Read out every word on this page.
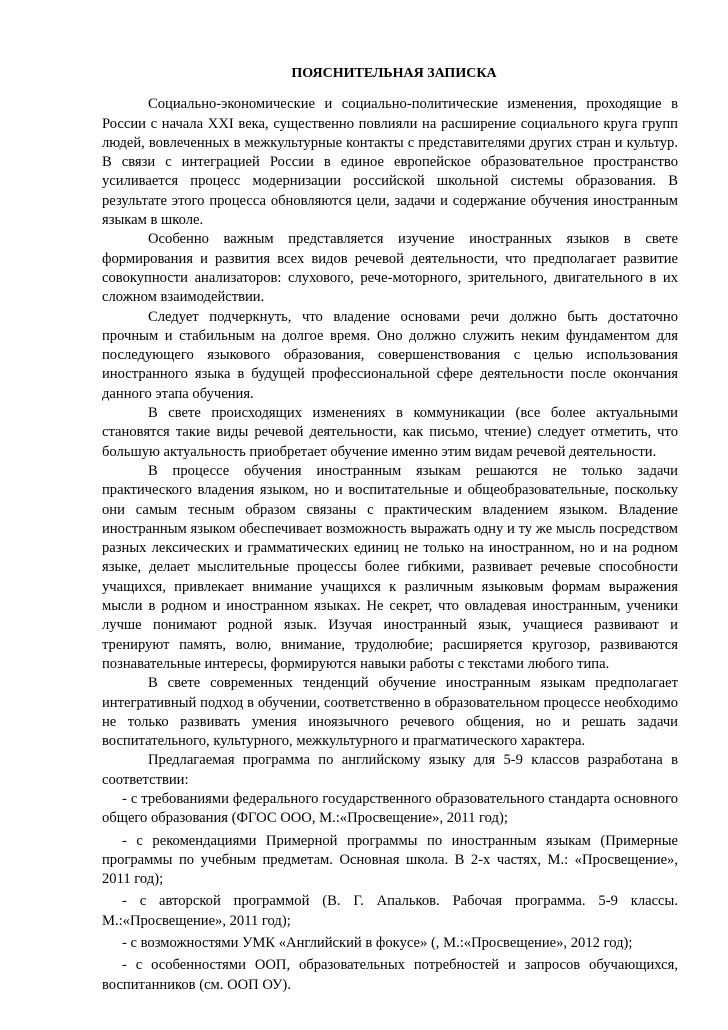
ПОЯСНИТЕЛЬНАЯ ЗАПИСКА

Социально-экономические и социально-политические изменения, проходящие в России с начала XXI века, существенно повлияли на расширение социального круга групп людей, вовлеченных в межкультурные контакты с представителями других стран и культур. В связи с интеграцией России в единое европейское образовательное пространство усиливается процесс модернизации российской школьной системы образования. В результате этого процесса обновляются цели, задачи и содержание обучения иностранным языкам в школе.

Особенно важным представляется изучение иностранных языков в свете формирования и развития всех видов речевой деятельности, что предполагает развитие совокупности анализаторов: слухового, рече-моторного, зрительного, двигательного в их сложном взаимодействии.

Следует подчеркнуть, что владение основами речи должно быть достаточно прочным и стабильным на долгое время. Оно должно служить неким фундаментом для последующего языкового образования, совершенствования с целью использования иностранного языка в будущей профессиональной сфере деятельности после окончания данного этапа обучения.

В свете происходящих изменениях в коммуникации (все более актуальными становятся такие виды речевой деятельности, как письмо, чтение) следует отметить, что большую актуальность приобретает обучение именно этим видам речевой деятельности.

В процессе обучения иностранным языкам решаются не только задачи практического владения языком, но и воспитательные и общеобразовательные, поскольку они самым тесным образом связаны с практическим владением языком. Владение иностранным языком обеспечивает возможность выражать одну и ту же мысль посредством разных лексических и грамматических единиц не только на иностранном, но и на родном языке, делает мыслительные процессы более гибкими, развивает речевые способности учащихся, привлекает внимание учащихся к различным языковым формам выражения мысли в родном и иностранном языках. Не секрет, что овладевая иностранным, ученики лучше понимают родной язык. Изучая иностранный язык, учащиеся развивают и тренируют память, волю, внимание, трудолюбие; расширяется кругозор, развиваются познавательные интересы, формируются навыки работы с текстами любого типа.

В свете современных тенденций обучение иностранным языкам предполагает интегративный подход в обучении, соответственно в образовательном процессе необходимо не только развивать умения иноязычного речевого общения, но и решать задачи воспитательного, культурного, межкультурного и прагматического характера.

Предлагаемая программа по английскому языку для 5-9 классов разработана в соответствии:

- с требованиями федерального государственного образовательного стандарта основного общего образования (ФГОС ООО, М.:«Просвещение», 2011 год);

- с рекомендациями Примерной программы по иностранным языкам (Примерные программы по учебным предметам. Основная школа. В 2-х частях, М.: «Просвещение», 2011 год);

- с авторской программой (В. Г. Апальков. Рабочая программа. 5-9 классы. М.:«Просвещение», 2011 год);

- с возможностями УМК «Английский в фокусе» (, М.:«Просвещение», 2012 год);

- с особенностями ООП, образовательных потребностей и запросов обучающихся, воспитанников (см. ООП ОУ).
